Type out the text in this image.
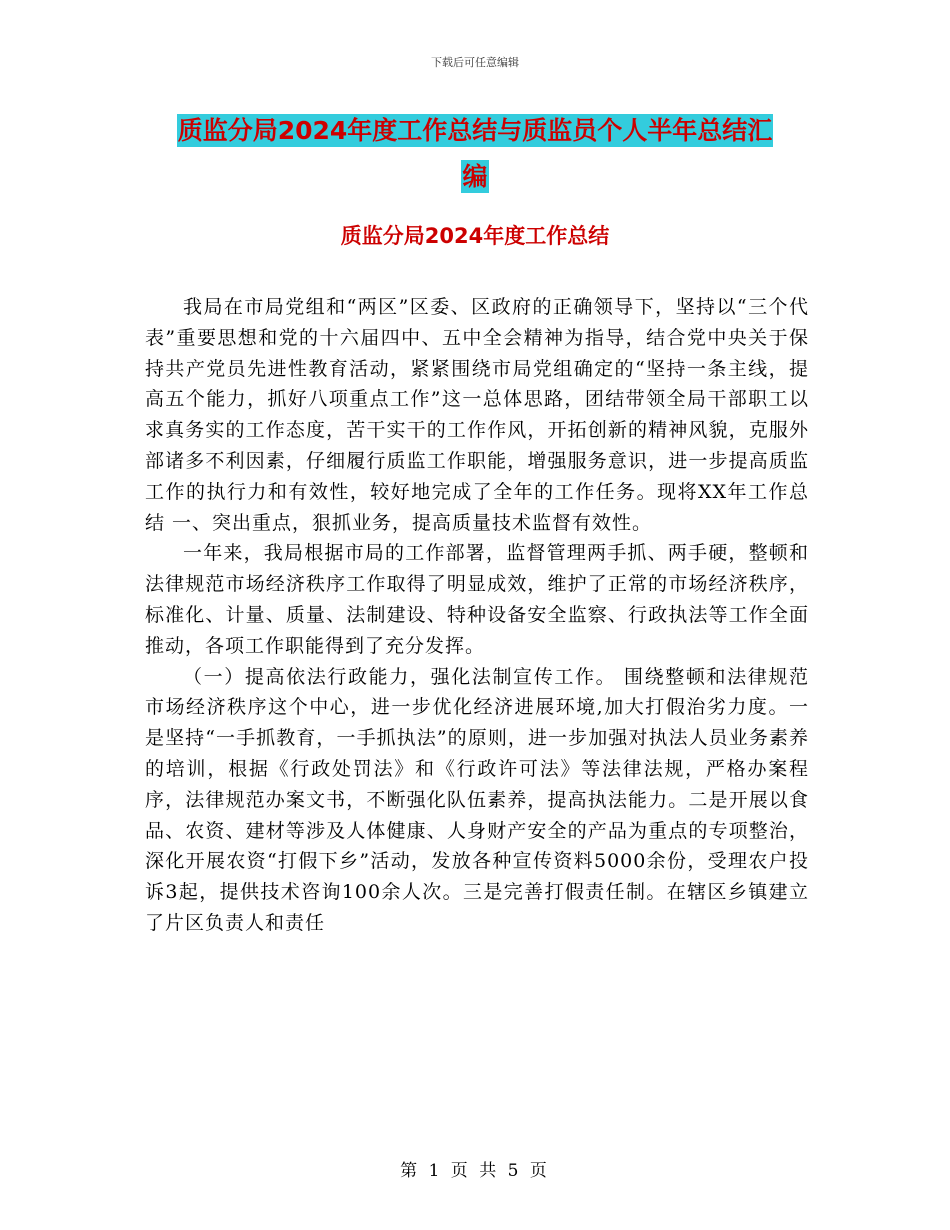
下载后可任意编辑
质监分局2024年度工作总结与质监员个人半年总结汇
编
质监分局2024年度工作总结

我局在市局党组和“两区”区委、区政府的正确领导下，坚持以“三个代表”重要思想和党的十六届四中、五中全会精神为指导，结合党中央关于保持共产党员先进性教育活动，紧紧围绕市局党组确定的“坚持一条主线，提高五个能力，抓好八项重点工作”这一总体思路，团结带领全局干部职工以求真务实的工作态度，苦干实干的工作作风，开拓创新的精神风貌，克服外部诸多不利因素，仔细履行质监工作职能，增强服务意识，进一步提高质监工作的执行力和有效性，较好地完成了全年的工作任务。现将XX年工作总结 一、突出重点，狠抓业务，提高质量技术监督有效性。

一年来，我局根据市局的工作部署，监督管理两手抓、两手硬，整顿和法律规范市场经济秩序工作取得了明显成效，维护了正常的市场经济秩序，标准化、计量、质量、法制建设、特种设备安全监察、行政执法等工作全面推动，各项工作职能得到了充分发挥。

（一）提高依法行政能力，强化法制宣传工作。 围绕整顿和法律规范市场经济秩序这个中心，进一步优化经济进展环境,加大打假治劣力度。一是坚持“一手抓教育，一手抓执法”的原则，进一步加强对执法人员业务素养的培训，根据《行政处罚法》和《行政许可法》等法律法规，严格办案程序，法律规范办案文书，不断强化队伍素养，提高执法能力。二是开展以食品、农资、建材等涉及人体健康、人身财产安全的产品为重点的专项整治，深化开展农资“打假下乡”活动，发放各种宣传资料5000余份，受理农户投诉3起，提供技术咨询100余人次。三是完善打假责任制。在辖区乡镇建立了片区负责人和责任

第 1 页 共 5 页
